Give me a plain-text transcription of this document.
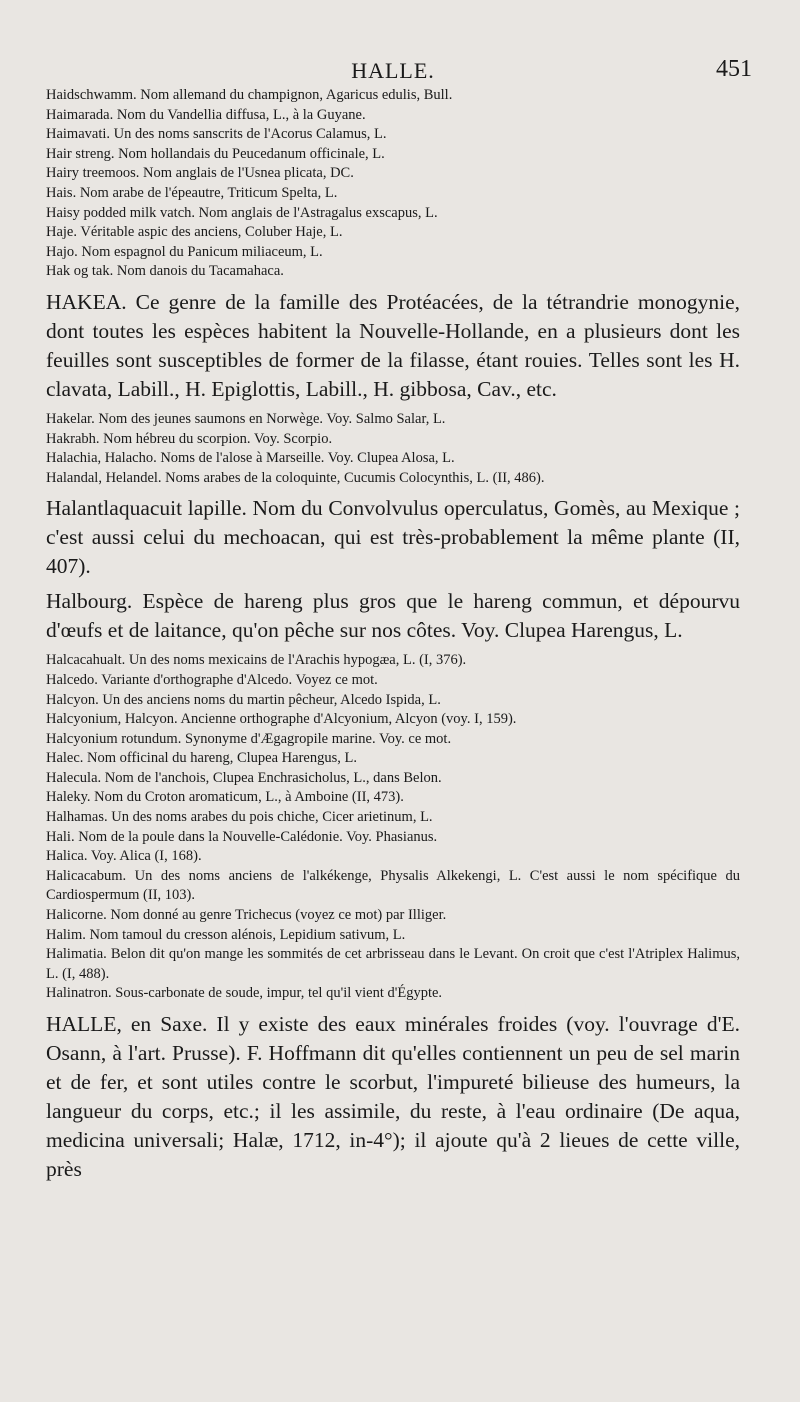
HALLE.	451

Haidschwamm. Nom allemand du champignon, Agaricus edulis, Bull.

Haimarada. Nom du Vandellia diffusa, L., à la Guyane.

Haimavati. Un des noms sanscrits de l'Acorus Calamus, L.

Hair streng. Nom hollandais du Peucedanum officinale, L.

Hairy treemoos. Nom anglais de l'Usnea plicata, DC.

Hais. Nom arabe de l'épeautre, Triticum Spelta, L.

Haisy podded milk vatch. Nom anglais de l'Astragalus exscapus, L.

Haje. Véritable aspic des anciens, Coluber Haje, L.

Hajo. Nom espagnol du Panicum miliaceum, L.

Hak og tak. Nom danois du Tacamahaca.

HAKEA. Ce genre de la famille des Protéacées, de la tétrandrie monogynie, dont toutes les espèces habitent la Nouvelle-Hollande, en a plusieurs dont les feuilles sont susceptibles de former de la filasse, étant rouies. Telles sont les H. clavata, Labill., H. Epiglottis, Labill., H. gibbosa, Cav., etc.

Hakelar. Nom des jeunes saumons en Norwège. Voy. Salmo Salar, L.

Hakrabh. Nom hébreu du scorpion. Voy. Scorpio.

Halachia, Halacho. Noms de l'alose à Marseille. Voy. Clupea Alosa, L.

Halandal, Helandel. Noms arabes de la coloquinte, Cucumis Colocynthis, L. (II, 486).

Halantlaquacuit lapille. Nom du Convolvulus operculatus, Gomès, au Mexique ; c'est aussi celui du mechoacan, qui est très-probablement la même plante (II, 407).

Halbourg. Espèce de hareng plus gros que le hareng commun, et dépourvu d'œufs et de laitance, qu'on pêche sur nos côtes. Voy. Clupea Harengus, L.

Halcacahualt. Un des noms mexicains de l'Arachis hypogæa, L. (I, 376).

Halcedo. Variante d'orthographe d'Alcedo. Voyez ce mot.

Halcyon. Un des anciens noms du martin pêcheur, Alcedo Ispida, L.

Halcyonium, Halcyon. Ancienne orthographe d'Alcyonium, Alcyon (voy. I, 159).

Halcyonium rotundum. Synonyme d'Ægagropile marine. Voy. ce mot.

Halec. Nom officinal du hareng, Clupea Harengus, L.

Halecula. Nom de l'anchois, Clupea Enchrasicholus, L., dans Belon.

Haleky. Nom du Croton aromaticum, L., à Amboine (II, 473).

Halhamas. Un des noms arabes du pois chiche, Cicer arietinum, L.

Hali. Nom de la poule dans la Nouvelle-Calédonie. Voy. Phasianus.

Halica. Voy. Alica (I, 168).

Halicacabum. Un des noms anciens de l'alkékenge, Physalis Alkekengi, L. C'est aussi le nom spécifique du Cardiospermum (II, 103).

Halicorne. Nom donné au genre Trichecus (voyez ce mot) par Illiger.

Halim. Nom tamoul du cresson alénois, Lepidium sativum, L.

Halimatia. Belon dit qu'on mange les sommités de cet arbrisseau dans le Levant. On croit que c'est l'Atriplex Halimus, L. (I, 488).

Halinatron. Sous-carbonate de soude, impur, tel qu'il vient d'Égypte.

HALLE, en Saxe. Il y existe des eaux minérales froides (voy. l'ouvrage d'E. Osann, à l'art. Prusse). F. Hoffmann dit qu'elles contiennent un peu de sel marin et de fer, et sont utiles contre le scorbut, l'impureté bilieuse des humeurs, la langueur du corps, etc.; il les assimile, du reste, à l'eau ordinaire (De aqua, medicina universali; Halæ, 1712, in-4°); il ajoute qu'à 2 lieues de cette ville, près
